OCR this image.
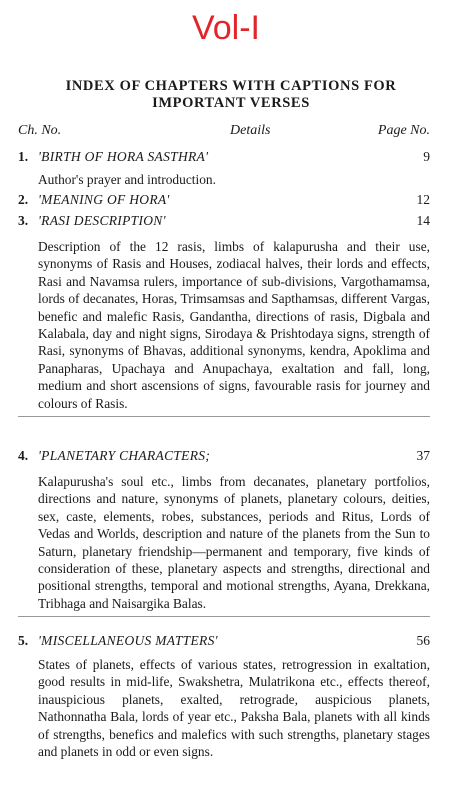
Vol-I
INDEX OF CHAPTERS WITH CAPTIONS FOR
IMPORTANT VERSES
Ch. No.	Details	Page No.
1. 'BIRTH OF HORA SASTHRA'	9
Author's prayer and introduction.
2. 'MEANING OF HORA'	12
3. 'RASI DESCRIPTION'	14
Description of the 12 rasis, limbs of kalapurusha and their use, synonyms of Rasis and Houses, zodiacal halves, their lords and effects, Rasi and Navamsa rulers, importance of sub-divisions, Vargothamamsa, lords of decanates, Horas, Trimsamsas and Sapthamsas, different Vargas, benefic and malefic Rasis, Gandantha, directions of rasis, Digbala and Kalabala, day and night signs, Sirodaya & Prishtodaya signs, strength of Rasi, synonyms of Bhavas, additional synonyms, kendra, Apoklima and Panapharas, Upachaya and Anupachaya, exaltation and fall, long, medium and short ascensions of signs, favourable rasis for journey and colours of Rasis.
4. 'PLANETARY CHARACTERS;	37
Kalapurusha's soul etc., limbs from decanates, planetary portfolios, directions and nature, synonyms of planets, planetary colours, deities, sex, caste, elements, robes, substances, periods and Ritus, Lords of Vedas and Worlds, description and nature of the planets from the Sun to Saturn, planetary friendship—permanent and temporary, five kinds of consideration of these, planetary aspects and strengths, directional and positional strengths, temporal and motional strengths, Ayana, Drekkana, Tribhaga and Naisargika Balas.
5. 'MISCELLANEOUS MATTERS'	56
States of planets, effects of various states, retrogression in exaltation, good results in mid-life, Swakshetra, Mulatrikona etc., effects thereof, inauspicious planets, exalted, retrograde, auspicious planets, Nathonnatha Bala, lords of year etc., Paksha Bala, planets with all kinds of strengths, benefics and malefics with such strengths, planetary stages and planets in odd or even signs.
